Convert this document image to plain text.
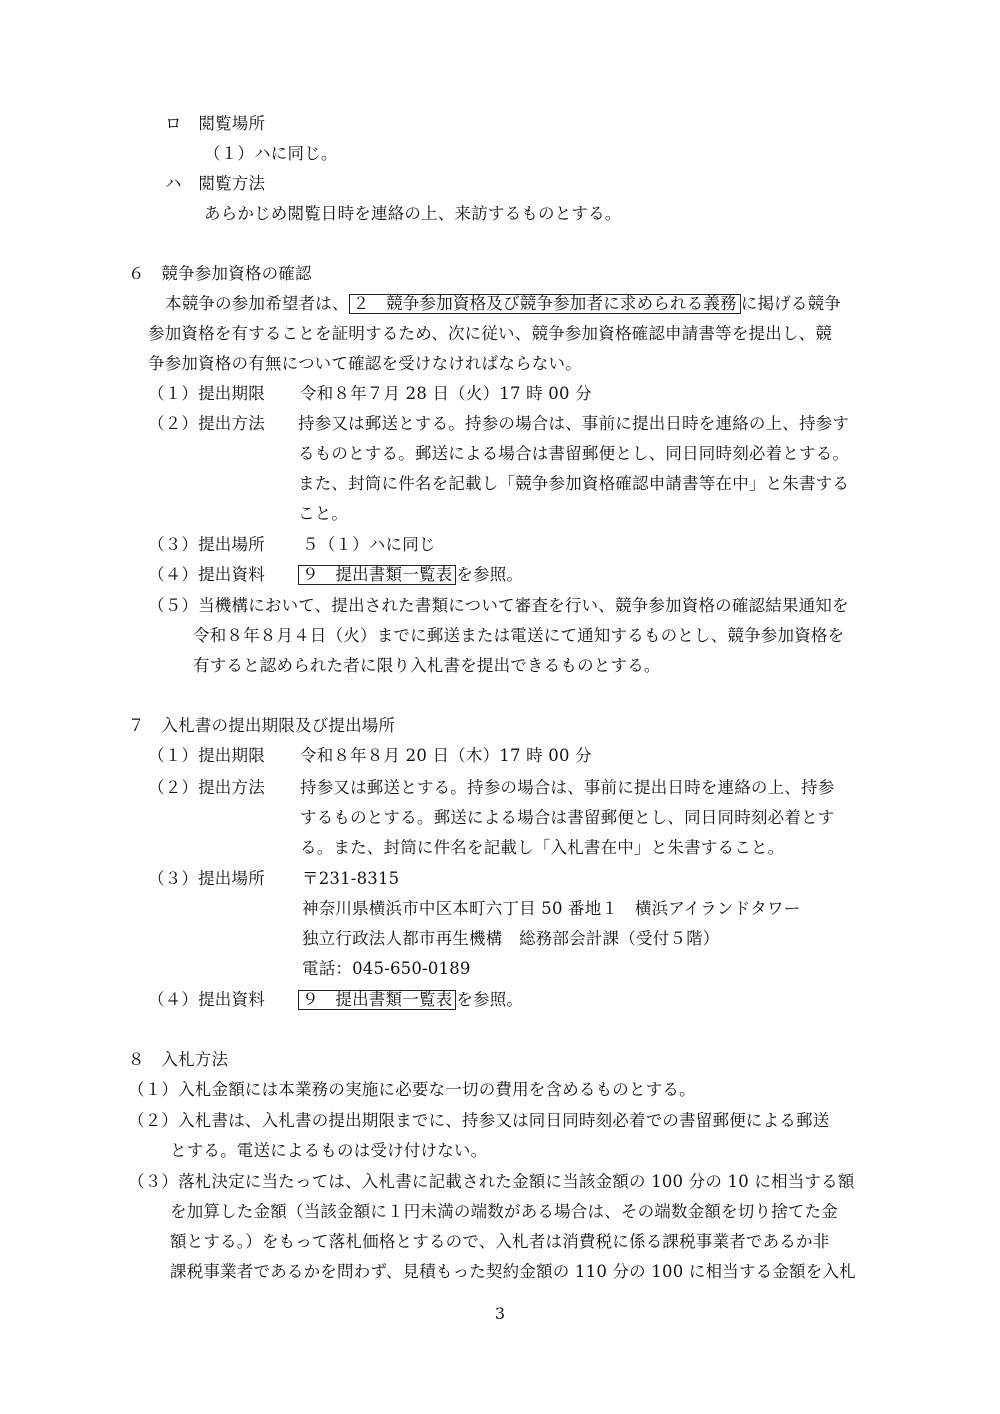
ロ　閲覧場所
（１）ハに同じ。
ハ　閲覧方法
あらかじめ閲覧日時を連絡の上、来訪するものとする。
６　競争参加資格の確認
本競争の参加希望者は、 ２　競争参加資格及び競争参加者に求められる義務 に掲げる競争
参加資格を有することを証明するため、次に従い、競争参加資格確認申請書等を提出し、競
争参加資格の有無について確認を受けなければならない。
（１）提出期限 令和８年７月 28 日（火）17 時 00 分
（２）提出方法 持参又は郵送とする。持参の場合は、事前に提出日時を連絡の上、持参す
るものとする。郵送による場合は書留郵便とし、同日同時刻必着とする。
また、封筒に件名を記載し「競争参加資格確認申請書等在中」と朱書する
こと。
（３）提出場所 ５（１）ハに同じ
（４）提出資料 ９　提出書類一覧表 を参照。
（５）当機構において、提出された書類について審査を行い、競争参加資格の確認結果通知を
令和８年８月４日（火）までに郵送または電送にて通知するものとし、競争参加資格を
有すると認められた者に限り入札書を提出できるものとする。
７　入札書の提出期限及び提出場所
（１）提出期限 令和８年８月 20 日（木）17 時 00 分
（２）提出方法 持参又は郵送とする。持参の場合は、事前に提出日時を連絡の上、持参
するものとする。郵送による場合は書留郵便とし、同日同時刻必着とす
る。また、封筒に件名を記載し「入札書在中」と朱書すること。
（３）提出場所 〒231-8315
神奈川県横浜市中区本町六丁目 50 番地１　横浜アイランドタワー
独立行政法人都市再生機構　総務部会計課（受付５階）
電話：045-650-0189
（４）提出資料 ９　提出書類一覧表 を参照。
８　入札方法
（１）入札金額には本業務の実施に必要な一切の費用を含めるものとする。
（２）入札書は、入札書の提出期限までに、持参又は同日同時刻必着での書留郵便による郵送
とする。電送によるものは受け付けない。
（３）落札決定に当たっては、入札書に記載された金額に当該金額の 100 分の 10 に相当する額
を加算した金額（当該金額に１円未満の端数がある場合は、その端数金額を切り捨てた金
額とする。）をもって落札価格とするので、入札者は消費税に係る課税事業者であるか非
課税事業者であるかを問わず、見積もった契約金額の 110 分の 100 に相当する金額を入札
3
